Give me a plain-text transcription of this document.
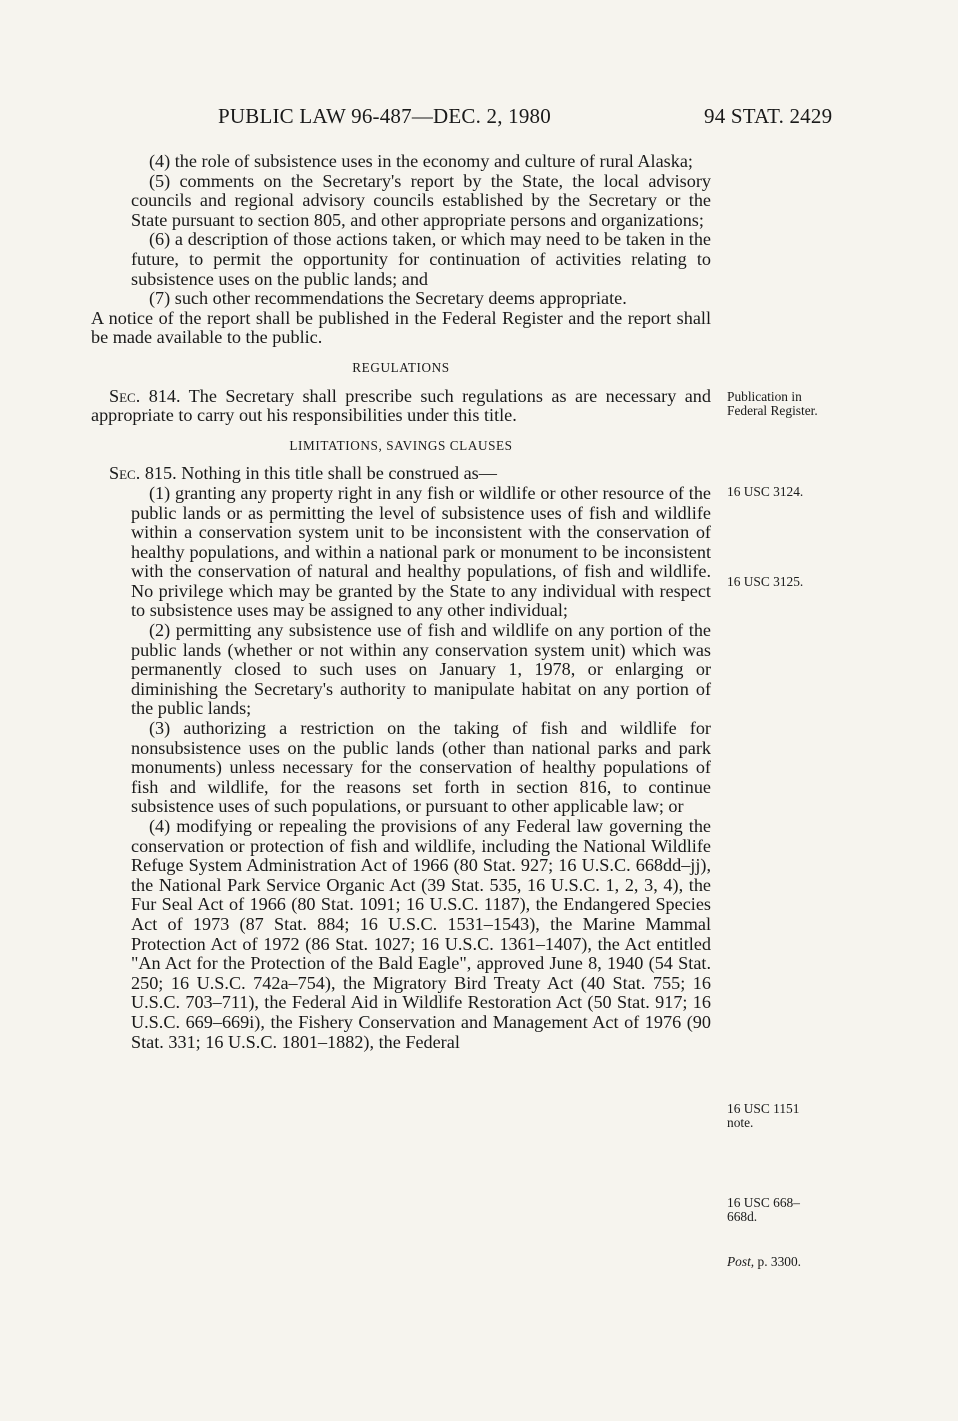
PUBLIC LAW 96-487—DEC. 2, 1980	94 STAT. 2429

(4) the role of subsistence uses in the economy and culture of rural Alaska;

(5) comments on the Secretary's report by the State, the local advisory councils and regional advisory councils established by the Secretary or the State pursuant to section 805, and other appropriate persons and organizations;

(6) a description of those actions taken, or which may need to be taken in the future, to permit the opportunity for continuation of activities relating to subsistence uses on the public lands; and

(7) such other recommendations the Secretary deems appropriate.

A notice of the report shall be published in the Federal Register and the report shall be made available to the public.

REGULATIONS

Sec. 814. The Secretary shall prescribe such regulations as are necessary and appropriate to carry out his responsibilities under this title.

LIMITATIONS, SAVINGS CLAUSES

Sec. 815. Nothing in this title shall be construed as—

(1) granting any property right in any fish or wildlife or other resource of the public lands or as permitting the level of subsistence uses of fish and wildlife within a conservation system unit to be inconsistent with the conservation of healthy populations, and within a national park or monument to be inconsistent with the conservation of natural and healthy populations, of fish and wildlife. No privilege which may be granted by the State to any individual with respect to subsistence uses may be assigned to any other individual;

(2) permitting any subsistence use of fish and wildlife on any portion of the public lands (whether or not within any conservation system unit) which was permanently closed to such uses on January 1, 1978, or enlarging or diminishing the Secretary's authority to manipulate habitat on any portion of the public lands;

(3) authorizing a restriction on the taking of fish and wildlife for nonsubsistence uses on the public lands (other than national parks and park monuments) unless necessary for the conservation of healthy populations of fish and wildlife, for the reasons set forth in section 816, to continue subsistence uses of such populations, or pursuant to other applicable law; or

(4) modifying or repealing the provisions of any Federal law governing the conservation or protection of fish and wildlife, including the National Wildlife Refuge System Administration Act of 1966 (80 Stat. 927; 16 U.S.C. 668dd–jj), the National Park Service Organic Act (39 Stat. 535, 16 U.S.C. 1, 2, 3, 4), the Fur Seal Act of 1966 (80 Stat. 1091; 16 U.S.C. 1187), the Endangered Species Act of 1973 (87 Stat. 884; 16 U.S.C. 1531–1543), the Marine Mammal Protection Act of 1972 (86 Stat. 1027; 16 U.S.C. 1361–1407), the Act entitled "An Act for the Protection of the Bald Eagle", approved June 8, 1940 (54 Stat. 250; 16 U.S.C. 742a–754), the Migratory Bird Treaty Act (40 Stat. 755; 16 U.S.C. 703–711), the Federal Aid in Wildlife Restoration Act (50 Stat. 917; 16 U.S.C. 669–669i), the Fishery Conservation and Management Act of 1976 (90 Stat. 331; 16 U.S.C. 1801–1882), the Federal

Publication in Federal Register.
16 USC 3124.
16 USC 3125.
16 USC 1151 note.
16 USC 668–668d.
Post, p. 3300.
